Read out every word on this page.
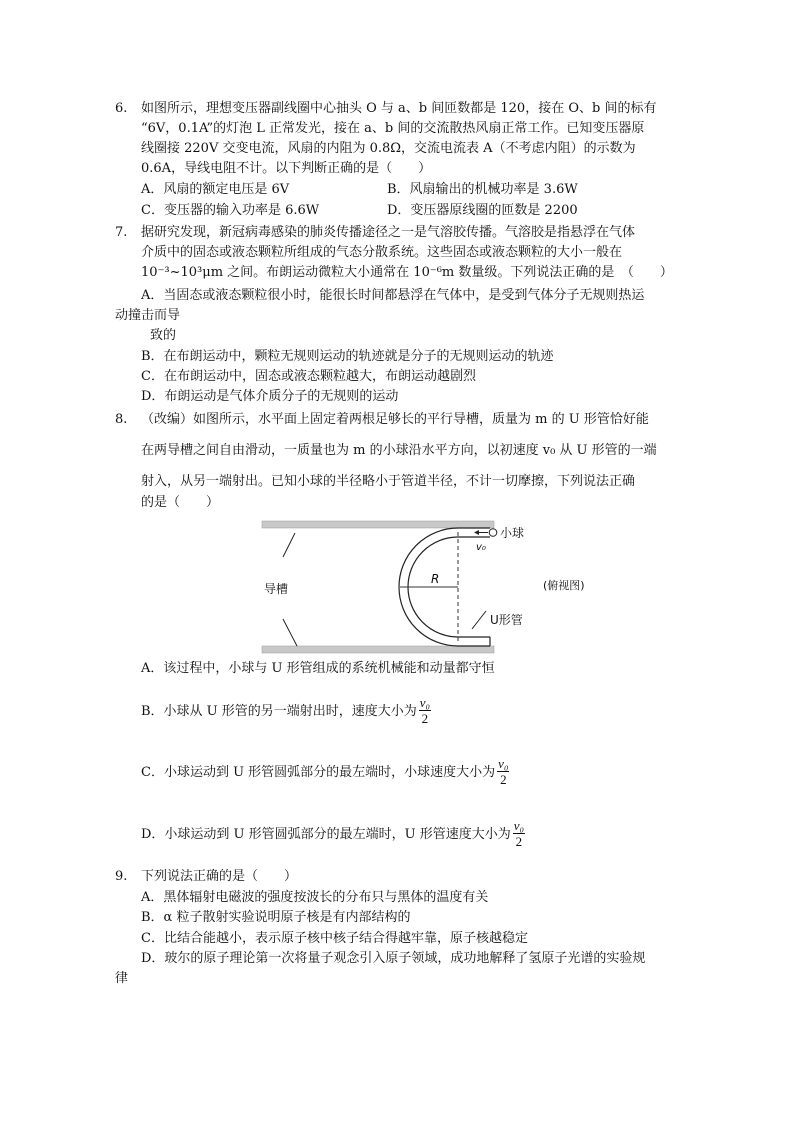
6. 如图所示，理想变压器副线圈中心抽头 O 与 a、b 间匝数都是 120，接在 O、b 间的标有
“6V，0.1A”的灯泡 L 正常发光，接在 a、b 间的交流散热风扇正常工作。已知变压器原
线圈接 220V 交变电流，风扇的内阻为 0.8Ω，交流电流表 A（不考虑内阻）的示数为
0.6A，导线电阻不计。以下判断正确的是（　　）
A．风扇的额定电压是 6V	B．风扇输出的机械功率是 3.6W
C．变压器的输入功率是 6.6W	D．变压器原线圈的匝数是 2200
7. 据研究发现，新冠病毒感染的肺炎传播途径之一是气溶胶传播。气溶胶是指悬浮在气体
介质中的固态或液态颗粒所组成的气态分散系统。这些固态或液态颗粒的大小一般在
10⁻³~10³μm 之间。布朗运动微粒大小通常在 10⁻⁶m 数量级。下列说法正确的是　（　　）
A．当固态或液态颗粒很小时，能很长时间都悬浮在气体中，是受到气体分子无规则热运
动撞击而导
致的
B．在布朗运动中，颗粒无规则运动的轨迹就是分子的无规则运动的轨迹
C．在布朗运动中，固态或液态颗粒越大，布朗运动越剧烈
D．布朗运动是气体介质分子的无规则的运动
8. （改编）如图所示，水平面上固定着两根足够长的平行导槽，质量为 m 的 U 形管恰好能
在两导槽之间自由滑动，一质量也为 m 的小球沿水平方向，以初速度 v₀ 从 U 形管的一端
射入，从另一端射出。已知小球的半径略小于管道半径，不计一切摩擦，下列说法正确
的是（　　）
小球
v₀
R
导槽
U形管
(俯视图)
A．该过程中，小球与 U 形管组成的系统机械能和动量都守恒
B．小球从 U 形管的另一端射出时，速度大小为 $\frac{\text{v₀}}{2}$
C．小球运动到 U 形管圆弧部分的最左端时，小球速度大小为 $\frac{\text{v₀}}{2}$
D．小球运动到 U 形管圆弧部分的最左端时，U 形管速度大小为 $\frac{\text{v₀}}{2}$
9. 下列说法正确的是（　　）
A．黑体辐射电磁波的强度按波长的分布只与黑体的温度有关
B．α 粒子散射实验说明原子核是有内部结构的
C．比结合能越小，表示原子核中核子结合得越牢靠，原子核越稳定
D．玻尔的原子理论第一次将量子观念引入原子领域，成功地解释了氢原子光谱的实验规
律
